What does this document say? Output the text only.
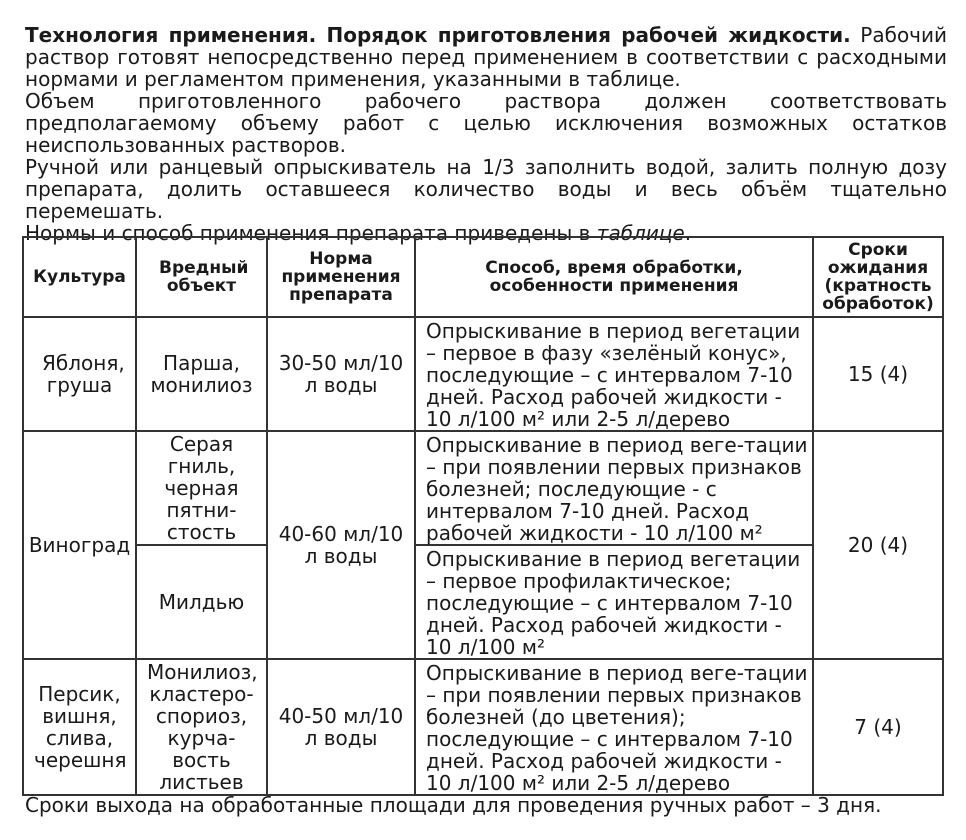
Технология применения. Порядок приготовления рабочей жидкости. Рабочий раствор готовят непосредственно перед применением в соответствии с расходными нормами и регламентом применения, указанными в таблице.

Объем приготовленного рабочего раствора должен соответствовать предполагаемому объему работ с целью исключения возможных остатков неиспользованных растворов.

Ручной или ранцевый опрыскиватель на 1/3 заполнить водой, залить полную дозу препарата, долить оставшееся количество воды и весь объём тщательно перемешать.

Нормы и способ применения препарата приведены в таблице.

Культура	Вредный объект	Норма применения препарата	Способ, время обработки, особенности применения	Сроки ожидания (кратность обработок)
Яблоня, груша	Парша, монилиоз	30-50 мл/10 л воды	Опрыскивание в период вегетации – первое в фазу «зелёный конус», последующие – с интервалом 7-10 дней. Расход рабочей жидкости - 10 л/100 м² или 2-5 л/дерево	15 (4)
Виноград	Серая гниль, черная пятни-стость	40-60 мл/10 л воды	Опрыскивание в период веге-тации – при появлении первых признаков болезней; последующие - с интервалом 7-10 дней. Расход рабочей жидкости - 10 л/100 м²	20 (4)
	Милдью		Опрыскивание в период вегетации – первое профилактическое; последующие – с интервалом 7-10 дней. Расход рабочей жидкости - 10 л/100 м²	

Персик, вишня, слива, черешня	Монилиоз, кластеро-спориоз, курча-вость листьев	40-50 мл/10 л воды	Опрыскивание в период веге-тации – при появлении первых признаков болезней (до цветения); последующие – с интервалом 7-10 дней. Расход рабочей жидкости - 10 л/100 м² или 2-5 л/дерево	7 (4)

Сроки выхода на обработанные площади для проведения ручных работ – 3 дня.
